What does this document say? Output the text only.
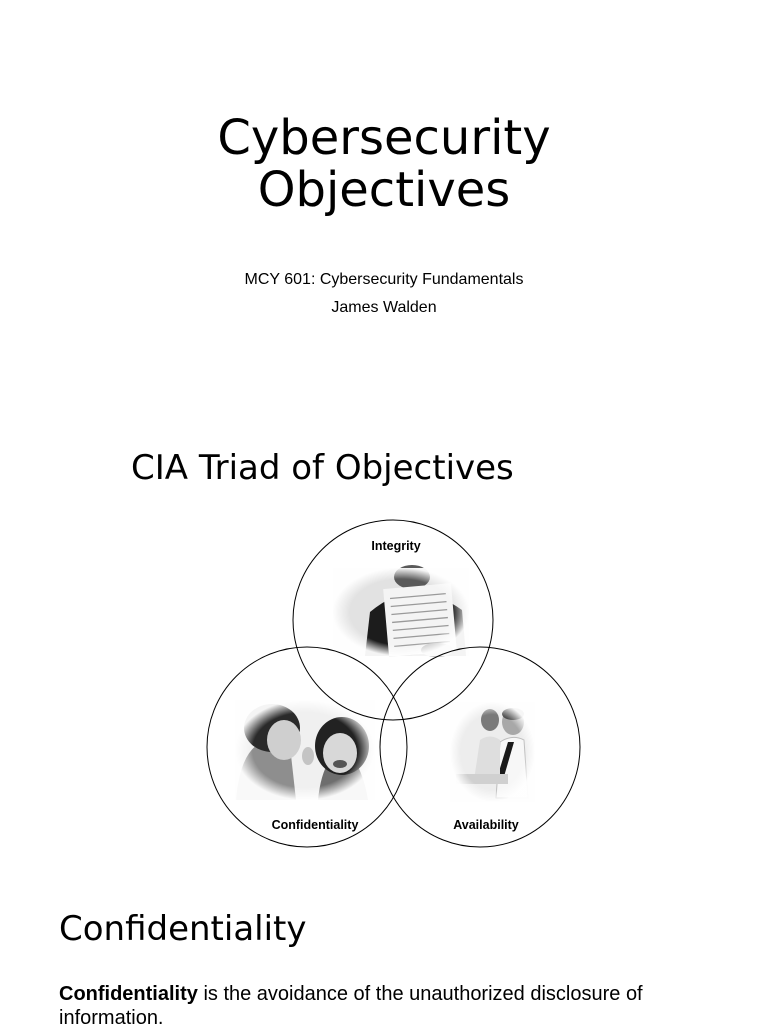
Cybersecurity
Objectives
MCY 601: Cybersecurity Fundamentals
James Walden
CIA Triad of Objectives
Integrity
Confidentiality	Availability
Confidentiality
Confidentiality is the avoidance of the unauthorized disclosure of information.
